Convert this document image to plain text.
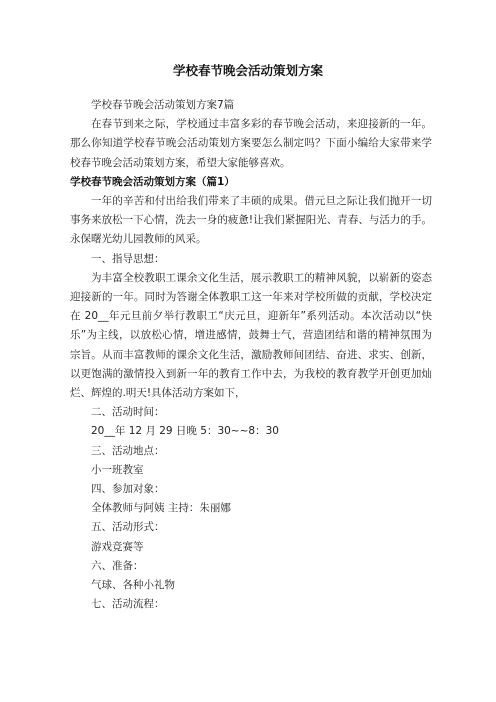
学校春节晚会活动策划方案

学校春节晚会活动策划方案7篇

在春节到来之际，学校通过丰富多彩的春节晚会活动，来迎接新的一年。那么你知道学校春节晚会活动策划方案要怎么制定吗？下面小编给大家带来学校春节晚会活动策划方案，希望大家能够喜欢。

学校春节晚会活动策划方案（篇1）

一年的辛苦和付出给我们带来了丰硕的成果。借元旦之际让我们抛开一切事务来放松一下心情，洗去一身的疲惫!让我们紧握阳光、青春、与活力的手。永保曙光幼儿园教师的风采。

一、指导思想：

为丰富全校教职工课余文化生活，展示教职工的精神风貌，以崭新的姿态迎接新的一年。同时为答谢全体教职工这一年来对学校所做的贡献，学校决定在 20__年元旦前夕举行教职工“庆元旦，迎新年”系列活动。本次活动以“快乐”为主线，以放松心情，增进感情，鼓舞士气，营造团结和谐的精神氛围为宗旨。从而丰富教师的课余文化生活，激励教师间团结、奋进、求实、创新，以更饱满的激情投入到新一年的教育工作中去，为我校的教育教学开创更加灿烂、辉煌的.明天!具体活动方案如下，

二、活动时间：

20__年 12 月 29 日晚 5：30~~8：30

三、活动地点：

小一班教室

四、参加对象：

全体教师与阿姨 主持：朱丽娜

五、活动形式：

游戏竞赛等

六、准备：

气球、各种小礼物

七、活动流程：
